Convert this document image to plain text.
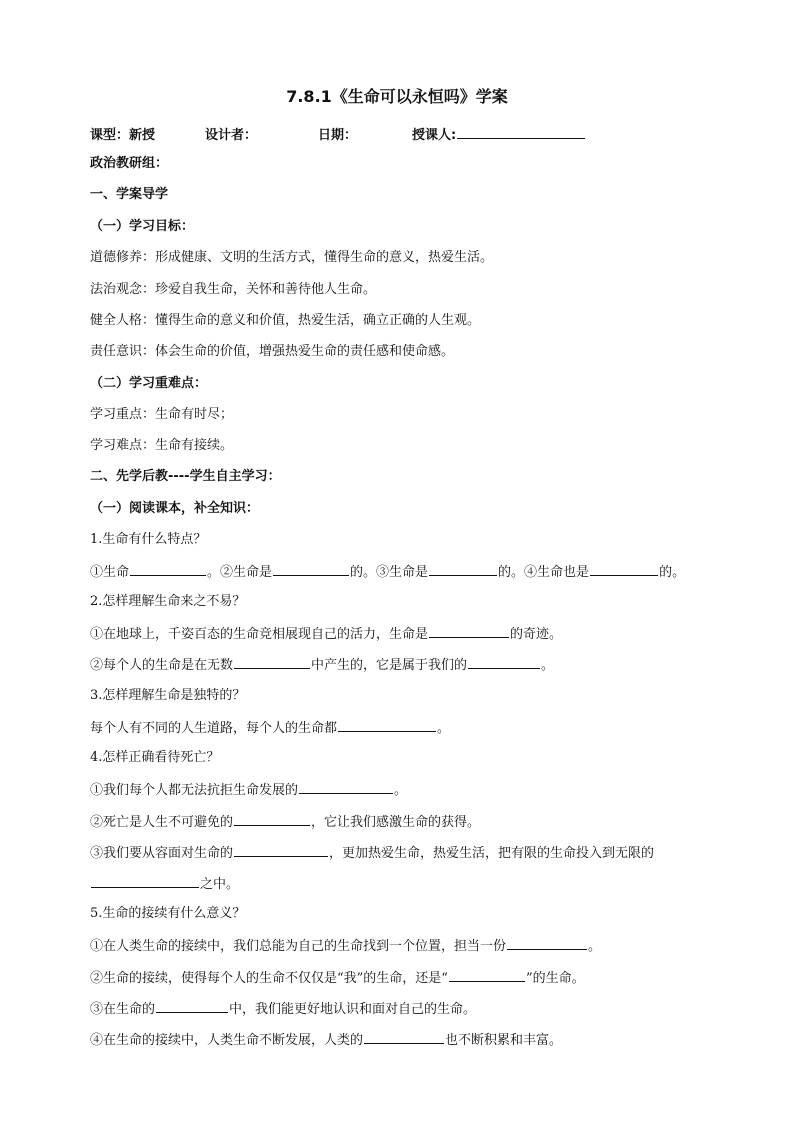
7.8.1《生命可以永恒吗》学案
课型：新授	设计者：	日期：	授课人:
政治教研组：
一、学案导学
（一）学习目标：
道德修养：形成健康、文明的生活方式，懂得生命的意义，热爱生活。
法治观念：珍爱自我生命，关怀和善待他人生命。
健全人格：懂得生命的意义和价值，热爱生活，确立正确的人生观。
责任意识：体会生命的价值，增强热爱生命的责任感和使命感。
（二）学习重难点：
学习重点：生命有时尽；
学习难点：生命有接续。
二、先学后教----学生自主学习：
（一）阅读课本，补全知识：
1.生命有什么特点？
①生命	。②生命是	的。③生命是	的。④生命也是	的。
2.怎样理解生命来之不易？
①在地球上，千姿百态的生命竞相展现自己的活力，生命是	的奇迹。
②每个人的生命是在无数	中产生的，它是属于我们的	。
3.怎样理解生命是独特的？
每个人有不同的人生道路，每个人的生命都	。
4.怎样正确看待死亡？
①我们每个人都无法抗拒生命发展的	。
②死亡是人生不可避免的	，它让我们感激生命的获得。
③我们要从容面对生命的	，更加热爱生命，热爱生活，把有限的生命投入到无限的
之中。
5.生命的接续有什么意义？
①在人类生命的接续中，我们总能为自己的生命找到一个位置，担当一份	。
②生命的接续，使得每个人的生命不仅仅是“我”的生命，还是“	”的生命。
③在生命的	中，我们能更好地认识和面对自己的生命。
④在生命的接续中，人类生命不断发展，人类的	也不断积累和丰富。
